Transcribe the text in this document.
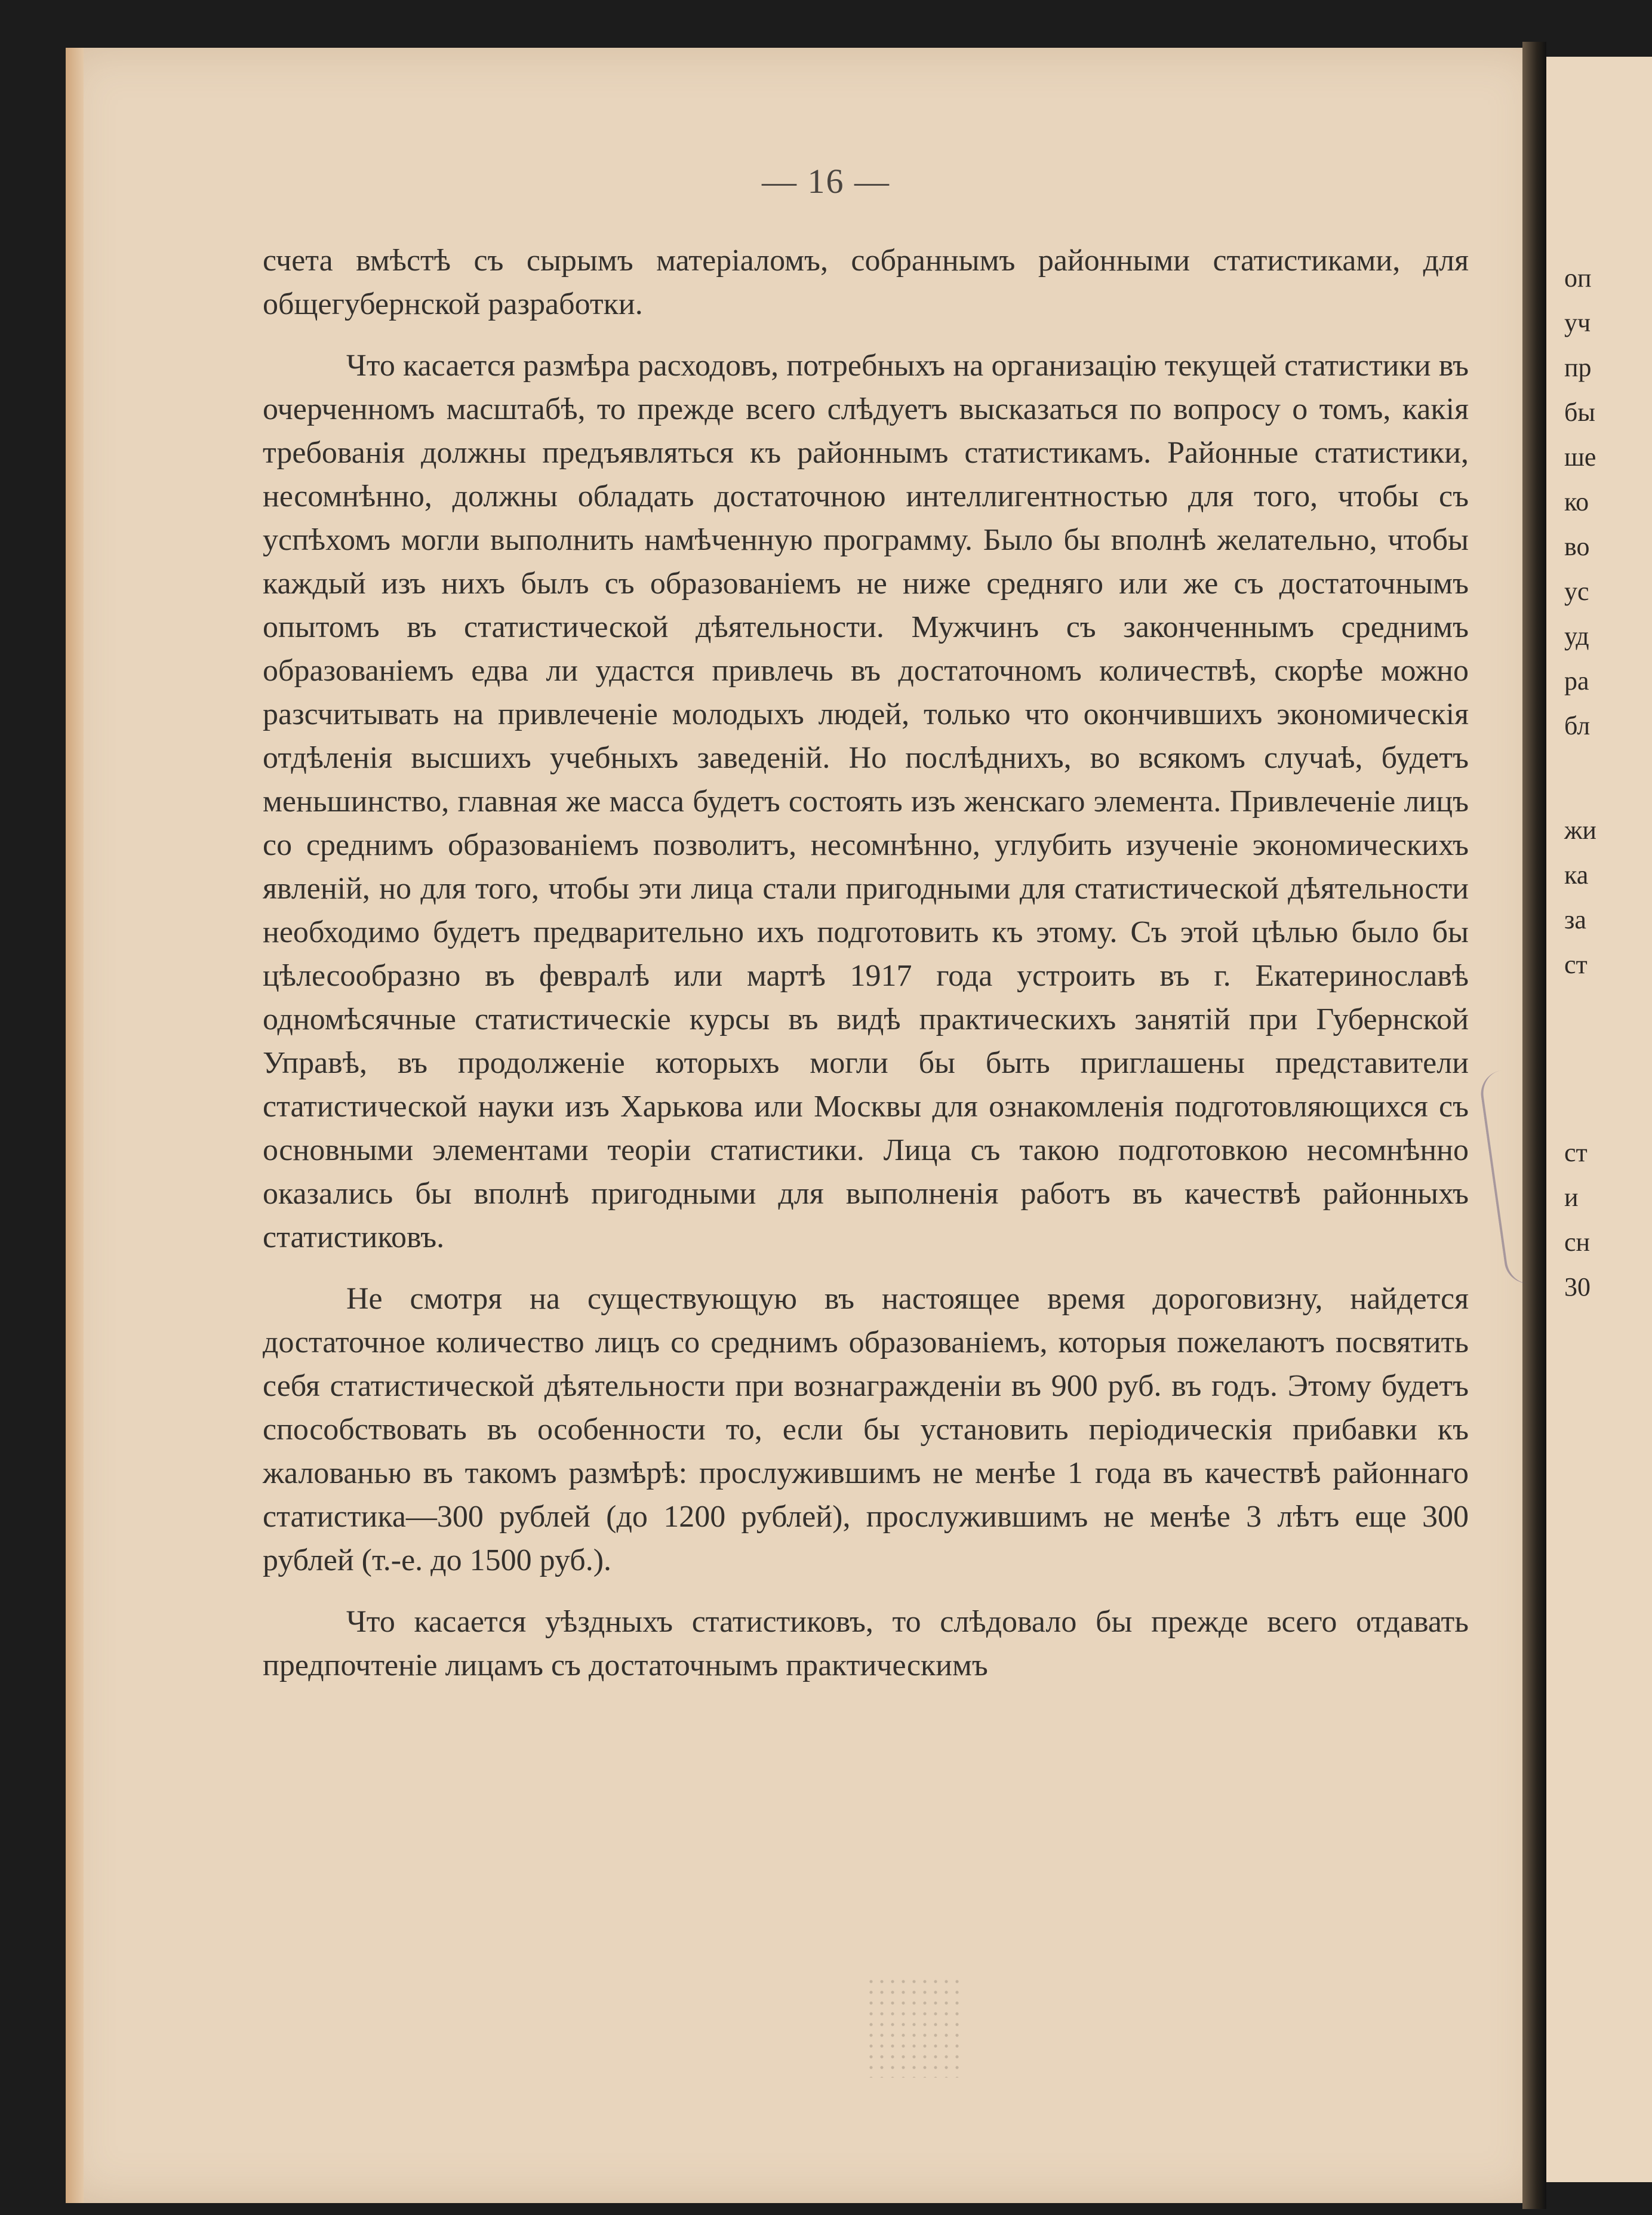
оп
уч
пр
бы
ше
ко
во
ус
уд
ра
бл
жи
ка
за
ст
ст
и
сн
30
— 16 —

счета вмѣстѣ съ сырымъ матеріаломъ, собраннымъ районными статистиками, для общегубернской разработки.

Что касается размѣра расходовъ, потребныхъ на организацію текущей статистики въ очерченномъ масштабѣ, то прежде всего слѣдуетъ высказаться по вопросу о томъ, какія требованія должны предъявляться къ районнымъ статистикамъ. Районные статистики, несомнѣнно, должны обладать достаточною интеллигентностью для того, чтобы съ успѣхомъ могли выполнить намѣченную программу. Было бы вполнѣ желательно, чтобы каждый изъ нихъ былъ съ образованіемъ не ниже средняго или же съ достаточнымъ опытомъ въ статистической дѣятельности. Мужчинъ съ законченнымъ среднимъ образованіемъ едва ли удастся привлечь въ достаточномъ количествѣ, скорѣе можно разсчитывать на привлеченіе молодыхъ людей, только что окончившихъ экономическія отдѣленія высшихъ учебныхъ заведеній. Но послѣднихъ, во всякомъ случаѣ, будетъ меньшинство, главная же масса будетъ состоять изъ женскаго элемента. Привлеченіе лицъ со среднимъ образованіемъ позволитъ, несомнѣнно, углубить изученіе экономическихъ явленій, но для того, чтобы эти лица стали пригодными для статистической дѣятельности необходимо будетъ предварительно ихъ подготовить къ этому. Съ этой цѣлью было бы цѣлесообразно въ февралѣ или мартѣ 1917 года устроить въ г. Екатеринославѣ одномѣсячные статистическіе курсы въ видѣ практическихъ занятій при Губернской Управѣ, въ продолженіе которыхъ могли бы быть приглашены представители статистической науки изъ Харькова или Москвы для ознакомленія подготовляющихся съ основными элементами теоріи статистики. Лица съ такою подготовкою несомнѣнно оказались бы вполнѣ пригодными для выполненія работъ въ качествѣ районныхъ статистиковъ.

Не смотря на существующую въ настоящее время дороговизну, найдется достаточное количество лицъ со среднимъ образованіемъ, которыя пожелаютъ посвятить себя статистической дѣятельности при вознагражденіи въ 900 руб. въ годъ. Этому будетъ способствовать въ особенности то, если бы установить періодическія прибавки къ жалованью въ такомъ размѣрѣ: прослужившимъ не менѣе 1 года въ качествѣ районнаго статистика—300 рублей (до 1200 рублей), прослужившимъ не менѣе 3 лѣтъ еще 300 рублей (т.-е. до 1500 руб.).

Что касается уѣздныхъ статистиковъ, то слѣдовало бы прежде всего отдавать предпочтеніе лицамъ съ достаточнымъ практическимъ
